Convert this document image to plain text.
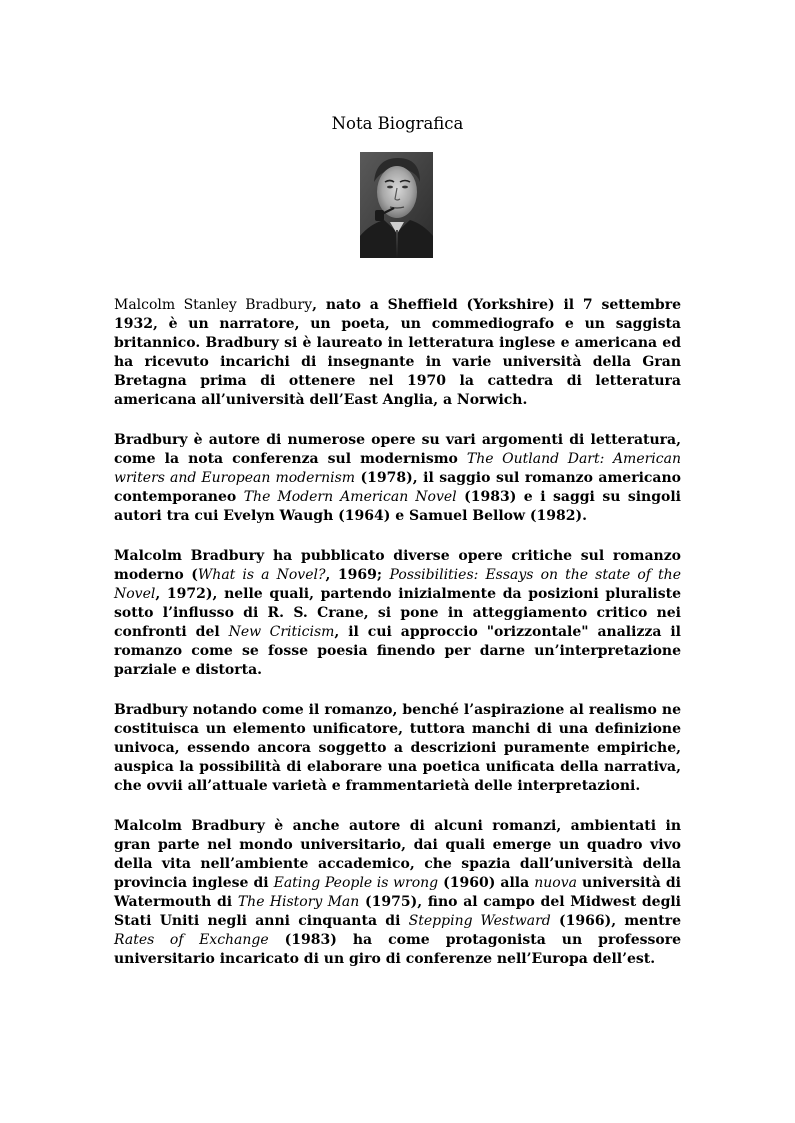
Nota Biografica

Malcolm Stanley Bradbury, nato a Sheffield (Yorkshire) il 7 settembre 1932, è un narratore, un poeta, un commediografo e un saggista britannico. Bradbury si è laureato in letteratura inglese e americana ed ha ricevuto incarichi di insegnante in varie università della Gran Bretagna prima di ottenere nel 1970 la cattedra di letteratura americana all’università dell’East Anglia, a Norwich.

Bradbury è autore di numerose opere su vari argomenti di letteratura, come la nota conferenza sul modernismo The Outland Dart: American writers and European modernism (1978), il saggio sul romanzo americano contemporaneo The Modern American Novel (1983) e i saggi su singoli autori tra cui Evelyn Waugh (1964) e Samuel Bellow (1982).

Malcolm Bradbury ha pubblicato diverse opere critiche sul romanzo moderno (What is a Novel?, 1969; Possibilities: Essays on the state of the Novel, 1972), nelle quali, partendo inizialmente da posizioni pluraliste sotto l’influsso di R. S. Crane, si pone in atteggiamento critico nei confronti del New Criticism, il cui approccio "orizzontale" analizza il romanzo come se fosse poesia finendo per darne un’interpretazione parziale e distorta.

Bradbury notando come il romanzo, benché l’aspirazione al realismo ne costituisca un elemento unificatore, tuttora manchi di una definizione univoca, essendo ancora soggetto a descrizioni puramente empiriche, auspica la possibilità di elaborare una poetica unificata della narrativa, che ovvii all’attuale varietà e frammentarietà delle interpretazioni.

Malcolm Bradbury è anche autore di alcuni romanzi, ambientati in gran parte nel mondo universitario, dai quali emerge un quadro vivo della vita nell’ambiente accademico, che spazia dall’università della provincia inglese di Eating People is wrong (1960) alla nuova università di Watermouth di The History Man (1975), fino al campo del Midwest degli Stati Uniti negli anni cinquanta di Stepping Westward (1966), mentre Rates of Exchange (1983) ha come protagonista un professore universitario incaricato di un giro di conferenze nell’Europa dell’est.
